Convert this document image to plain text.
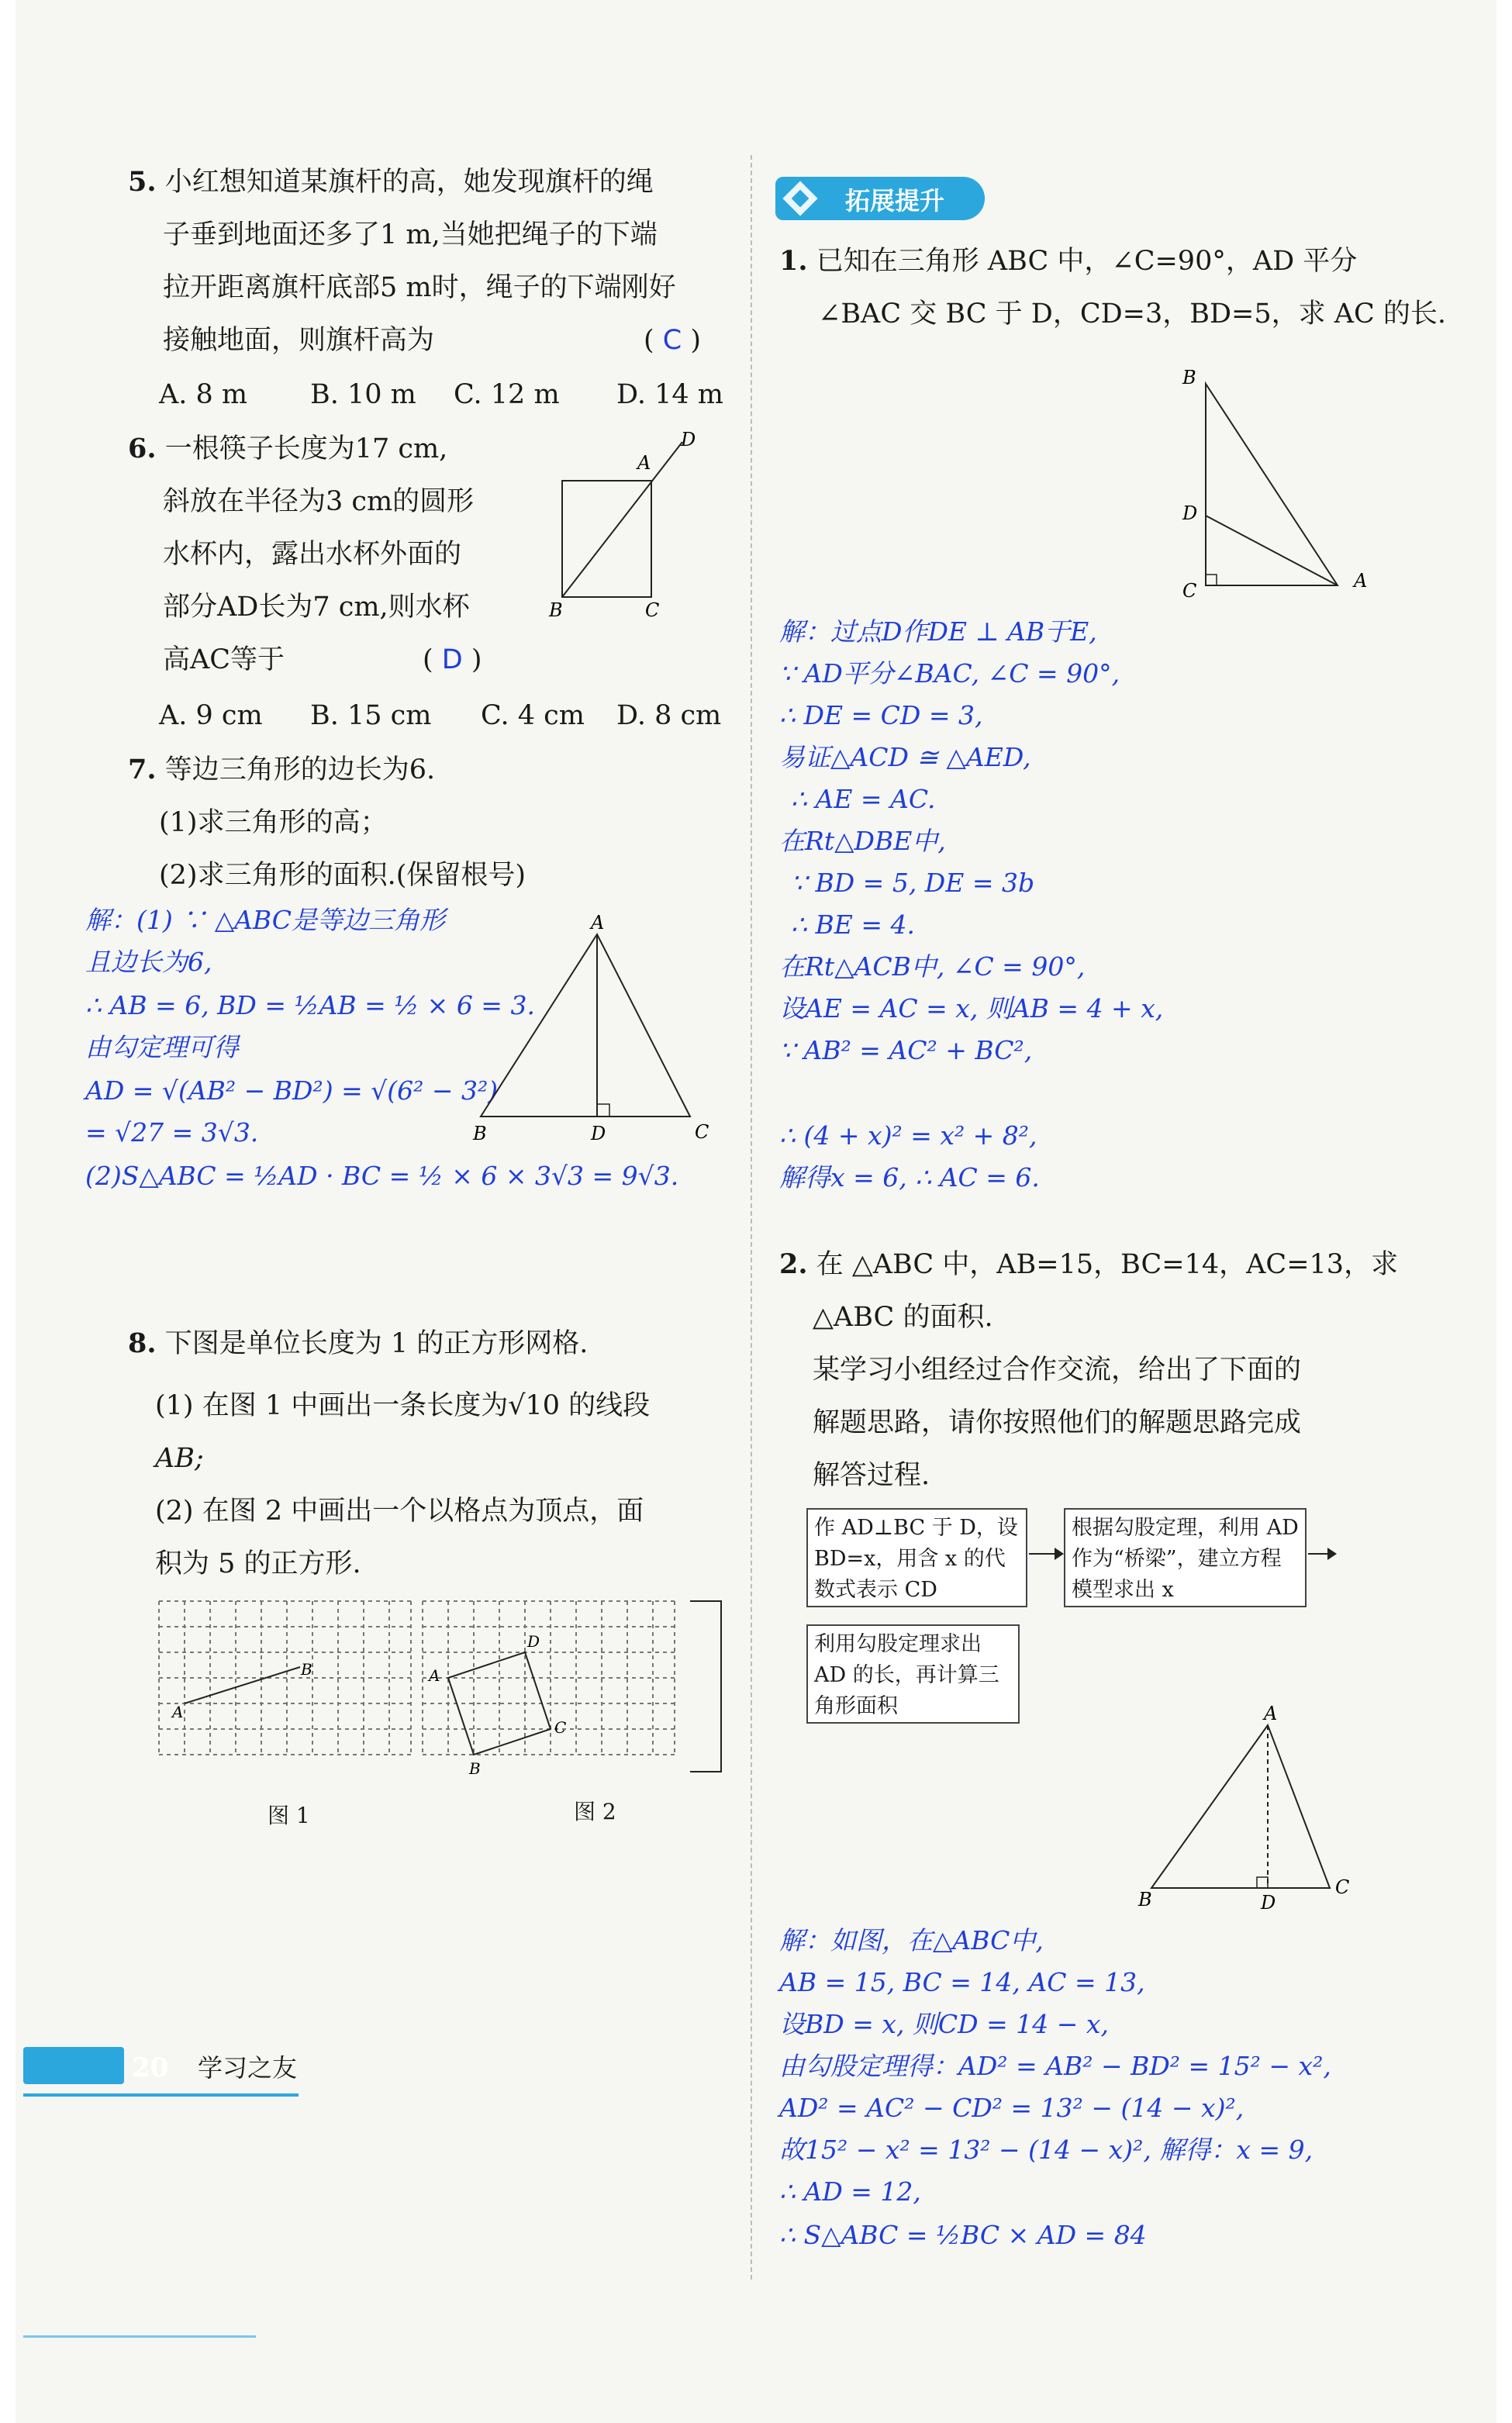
5. 小红想知道某旗杆的高，她发现旗杆的绳
子垂到地面还多了1 m,当她把绳子的下端
拉开距离旗杆底部5 m时，绳子的下端刚好
接触地面，则旗杆高为	( C )
A. 8 m B. 10 m C. 12 m D. 14 m
6. 一根筷子长度为17 cm,
斜放在半径为3 cm的圆形
水杯内，露出水杯外面的
部分AD长为7 cm,则水杯
高AC等于	( D )
A
D
B	C
A. 9 cm B. 15 cm C. 4 cm D. 8 cm
7. 等边三角形的边长为6.
(1)求三角形的高；
(2)求三角形的面积.(保留根号)
解：(1) ∵ △ABC是等边三角形
且边长为6,
∴ AB = 6, BD = ½AB = ½ × 6 = 3.
由勾定理可得
AD = √(AB² − BD²) = √(6² − 3²)
= √27 = 3√3.
(2)S△ABC = ½AD · BC = ½ × 6 × 3√3 = 9√3.
A
B	D	C
8. 下图是单位长度为 1 的正方形网格.
(1) 在图 1 中画出一条长度为√10 的线段
AB;
(2) 在图 2 中画出一个以格点为顶点，面
积为 5 的正方形.
A
B	A
B
C
D
图 1	图 2
20 学习之友
拓展提升
1. 已知在三角形 ABC 中，∠C=90°，AD 平分
∠BAC 交 BC 于 D，CD=3，BD=5，求 AC 的长.
B
D
C	A
解：过点D作DE ⊥ AB于E,
∵ AD平分∠BAC, ∠C = 90°,
∴ DE = CD = 3,
易证△ACD ≅ △AED,
∴ AE = AC.
在Rt△DBE中,
∵ BD = 5, DE = 3b
∴ BE = 4.
在Rt△ACB中, ∠C = 90°,
设AE = AC = x, 则AB = 4 + x,
∵ AB² = AC² + BC²,
∴ (4 + x)² = x² + 8²,
解得x = 6, ∴ AC = 6.
2. 在 △ABC 中，AB=15，BC=14，AC=13，求
△ABC 的面积.
某学习小组经过合作交流，给出了下面的
解题思路，请你按照他们的解题思路完成
解答过程.
作 AD⊥BC 于 D，设 BD=x，用含 x 的代数式表示 CD
根据勾股定理，利用 AD 作为“桥梁”，建立方程模型求出 x
利用勾股定理求出 AD 的长，再计算三角形面积	A
B	D
C
解：如图，在△ABC中,
AB = 15, BC = 14, AC = 13,
设BD = x, 则CD = 14 − x,
由勾股定理得：AD² = AB² − BD² = 15² − x²,
AD² = AC² − CD² = 13² − (14 − x)²,
故15² − x² = 13² − (14 − x)², 解得：x = 9,
∴ AD = 12,
∴ S△ABC = ½BC × AD = 84
